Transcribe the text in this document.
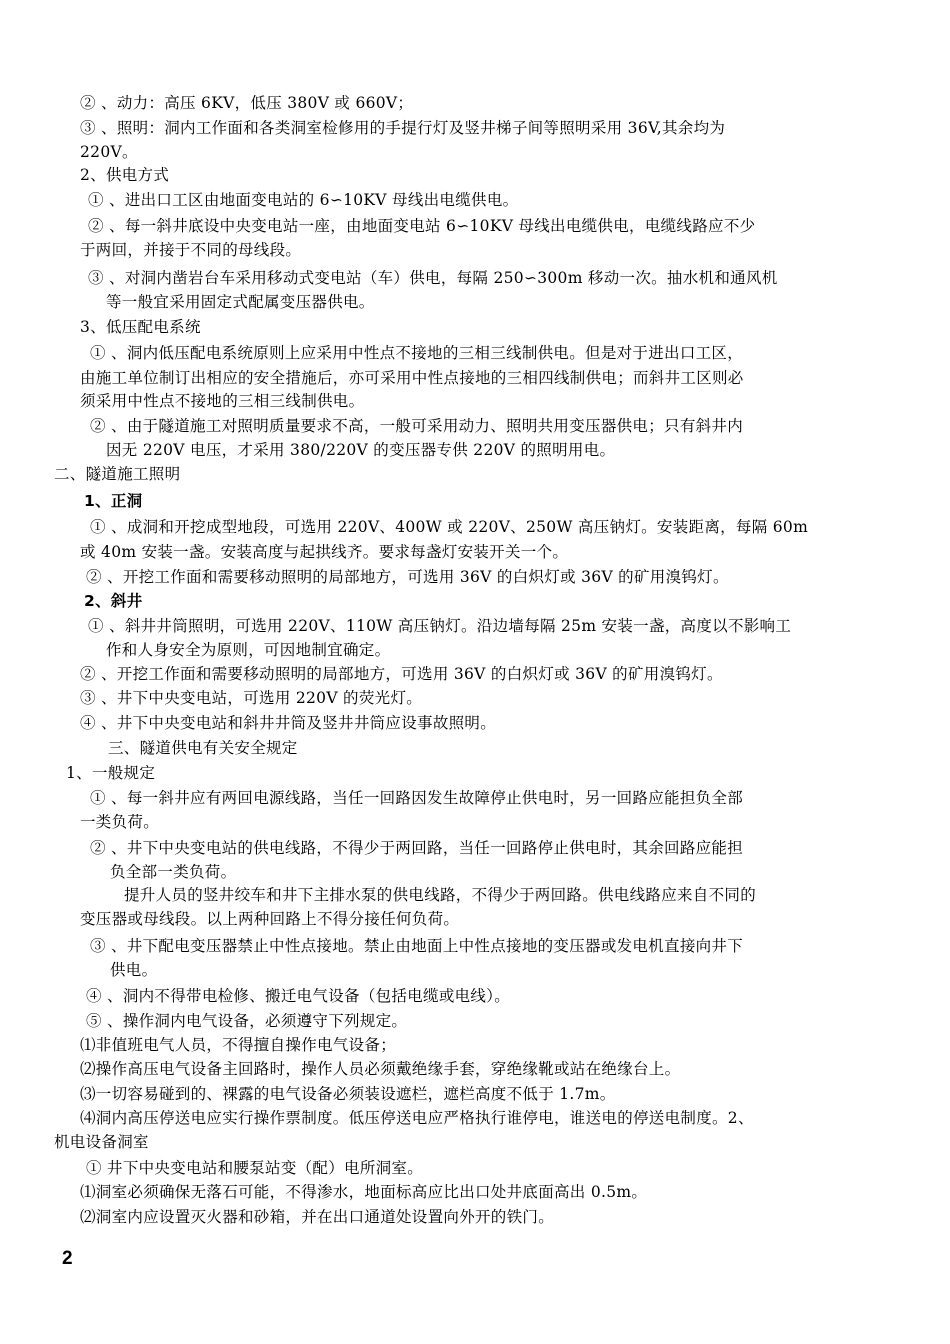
② 、动力：高压 6KV，低压 380V 或 660V；
③ 、照明：洞内工作面和各类洞室检修用的手提行灯及竖井梯子间等照明采用 36V,其余均为
220V。
2、供电方式
① 、进出口工区由地面变电站的 6∽10KV 母线出电缆供电。
② 、每一斜井底设中央变电站一座，由地面变电站 6∽10KV 母线出电缆供电，电缆线路应不少
于两回，并接于不同的母线段。
③ 、对洞内凿岩台车采用移动式变电站（车）供电，每隔 250∽300m 移动一次。抽水机和通风机
等一般宜采用固定式配属变压器供电。
3、低压配电系统
① 、洞内低压配电系统原则上应采用中性点不接地的三相三线制供电。但是对于进出口工区，
由施工单位制订出相应的安全措施后，亦可采用中性点接地的三相四线制供电；而斜井工区则必
须采用中性点不接地的三相三线制供电。
② 、由于隧道施工对照明质量要求不高，一般可采用动力、照明共用变压器供电；只有斜井内
因无 220V 电压，才采用 380/220V 的变压器专供 220V 的照明用电。
二、隧道施工照明
1、正洞
① 、成洞和开挖成型地段，可选用 220V、400W 或 220V、250W 高压钠灯。安装距离，每隔 60m
或 40m 安装一盏。安装高度与起拱线齐。要求每盏灯安装开关一个。
② 、开挖工作面和需要移动照明的局部地方，可选用 36V 的白炽灯或 36V 的矿用溴钨灯。
2、斜井
① 、斜井井筒照明，可选用 220V、110W 高压钠灯。沿边墙每隔 25m 安装一盏，高度以不影响工
作和人身安全为原则，可因地制宜确定。
② 、开挖工作面和需要移动照明的局部地方，可选用 36V 的白炽灯或 36V 的矿用溴钨灯。
③ 、井下中央变电站，可选用 220V 的荧光灯。
④ 、井下中央变电站和斜井井筒及竖井井筒应设事故照明。
三、隧道供电有关安全规定
1、一般规定
① 、每一斜井应有两回电源线路，当任一回路因发生故障停止供电时，另一回路应能担负全部
一类负荷。
② 、井下中央变电站的供电线路，不得少于两回路，当任一回路停止供电时，其余回路应能担
负全部一类负荷。
提升人员的竖井绞车和井下主排水泵的供电线路，不得少于两回路。供电线路应来自不同的
变压器或母线段。以上两种回路上不得分接任何负荷。
③ 、井下配电变压器禁止中性点接地。禁止由地面上中性点接地的变压器或发电机直接向井下
供电。
④ 、洞内不得带电检修、搬迁电气设备（包括电缆或电线）。
⑤ 、操作洞内电气设备，必须遵守下列规定。
⑴非值班电气人员，不得擅自操作电气设备；
⑵操作高压电气设备主回路时，操作人员必须戴绝缘手套，穿绝缘靴或站在绝缘台上。
⑶一切容易碰到的、裸露的电气设备必须装设遮栏，遮栏高度不低于 1.7m。
⑷洞内高压停送电应实行操作票制度。低压停送电应严格执行谁停电，谁送电的停送电制度。2、
机电设备洞室
① 井下中央变电站和腰泵站变（配）电所洞室。
⑴洞室必须确保无落石可能，不得渗水，地面标高应比出口处井底面高出 0.5m。
⑵洞室内应设置灭火器和砂箱，并在出口通道处设置向外开的铁门。
2
